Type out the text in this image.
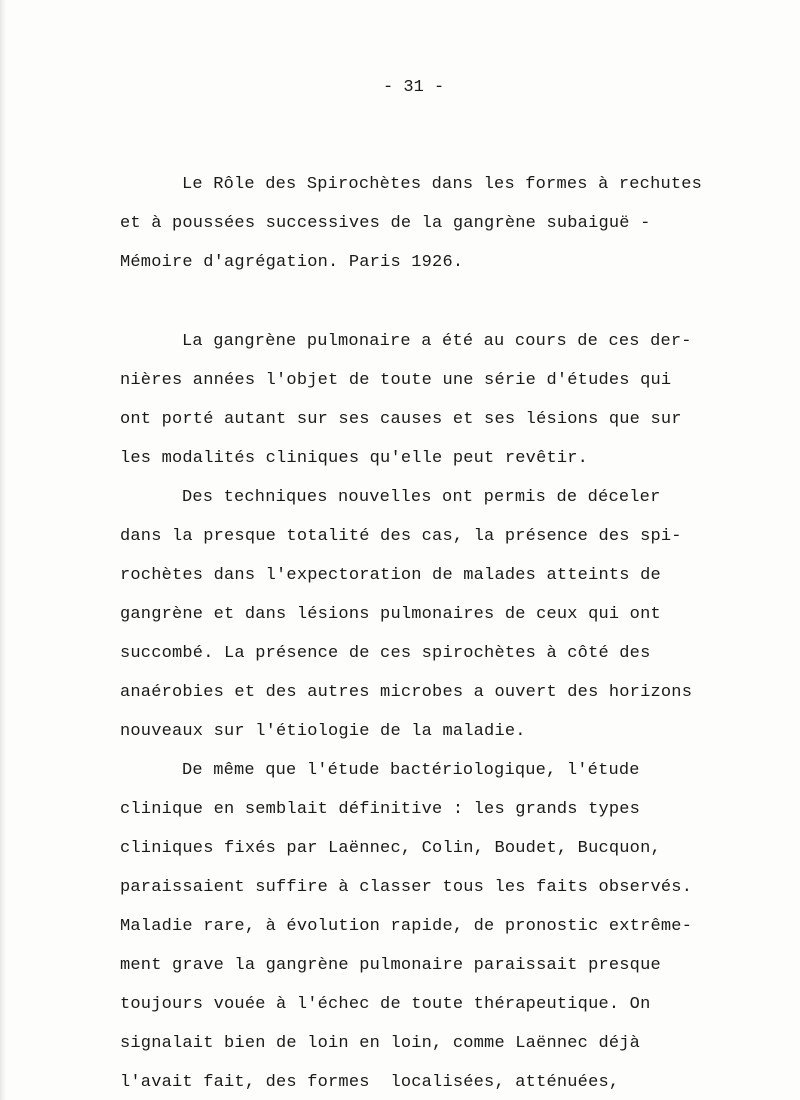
- 31 -
Le Rôle des Spirochètes dans les formes à rechutes
et à poussées successives de la gangrène subaiguë -
Mémoire d'agrégation. Paris 1926.
La gangrène pulmonaire a été au cours de ces der-
nières années l'objet de toute une série d'études qui
ont porté autant sur ses causes et ses lésions que sur
les modalités cliniques qu'elle peut revêtir.
Des techniques nouvelles ont permis de déceler
dans la presque totalité des cas, la présence des spi-
rochètes dans l'expectoration de malades atteints de
gangrène et dans lésions pulmonaires de ceux qui ont
succombé. La présence de ces spirochètes à côté des
anaérobies et des autres microbes a ouvert des horizons
nouveaux sur l'étiologie de la maladie.
De même que l'étude bactériologique, l'étude
clinique en semblait définitive : les grands types
cliniques fixés par Laënnec, Colin, Boudet, Bucquon,
paraissaient suffire à classer tous les faits observés.
Maladie rare, à évolution rapide, de pronostic extrême-
ment grave la gangrène pulmonaire paraissait presque
toujours vouée à l'échec de toute thérapeutique. On
signalait bien de loin en loin, comme Laënnec déjà
l'avait fait, des formes  localisées, atténuées,
